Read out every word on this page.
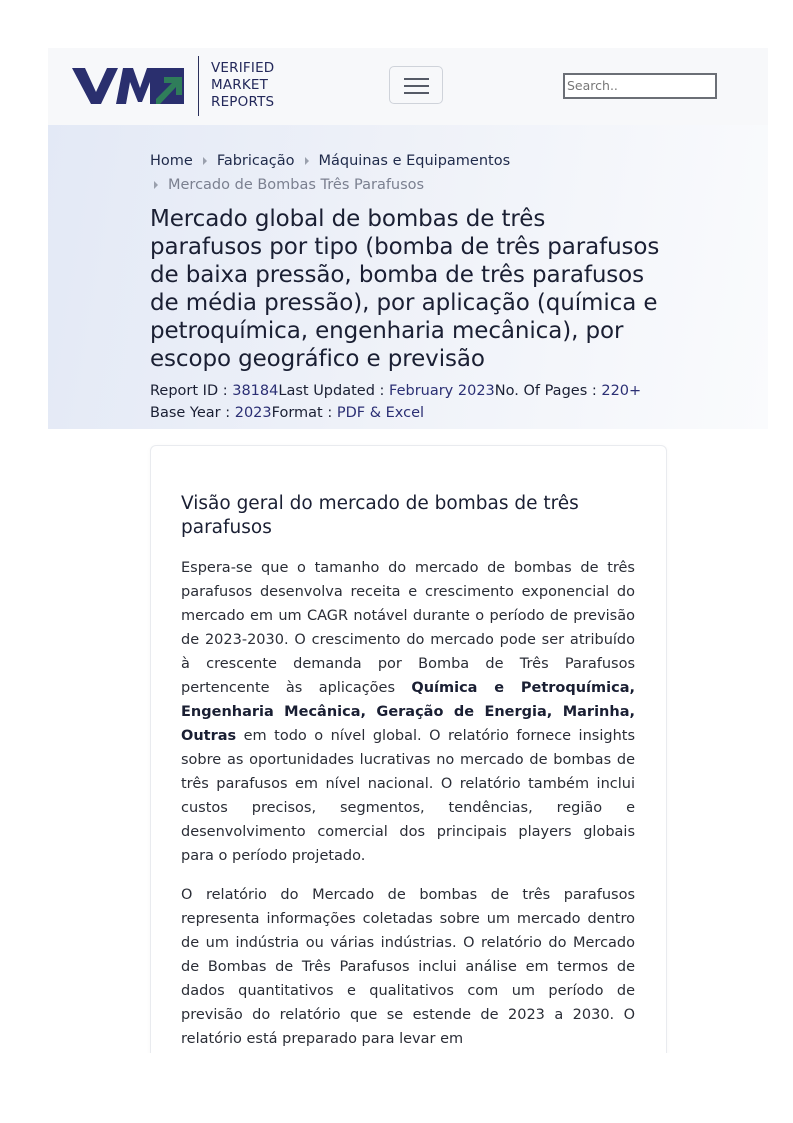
VERIFIED
MARKET
REPORTS
Search..
Home Fabricação Máquinas e Equipamentos
Mercado de Bombas Três Parafusos
Mercado global de bombas de três parafusos por tipo (bomba de três parafusos de baixa pressão, bomba de três parafusos de média pressão), por aplicação (química e petroquímica, engenharia mecânica), por escopo geográfico e previsão
Report ID : 38184Last Updated : February 2023No. Of Pages : 220+
Base Year : 2023Format : PDF & Excel
Visão geral do mercado de bombas de três parafusos

Espera-se que o tamanho do mercado de bombas de três parafusos desenvolva receita e crescimento exponencial do mercado em um CAGR notável durante o período de previsão de 2023-2030. O crescimento do mercado pode ser atribuído à crescente demanda por Bomba de Três Parafusos pertencente às aplicações Química e Petroquímica, Engenharia Mecânica, Geração de Energia, Marinha, Outras em todo o nível global. O relatório fornece insights sobre as oportunidades lucrativas no mercado de bombas de três parafusos em nível nacional. O relatório também inclui custos precisos, segmentos, tendências, região e desenvolvimento comercial dos principais players globais para o período projetado.

O relatório do Mercado de bombas de três parafusos representa informações coletadas sobre um mercado dentro de um indústria ou várias indústrias. O relatório do Mercado de Bombas de Três Parafusos inclui análise em termos de dados quantitativos e qualitativos com um período de previsão do relatório que se estende de 2023 a 2030. O relatório está preparado para levar em
